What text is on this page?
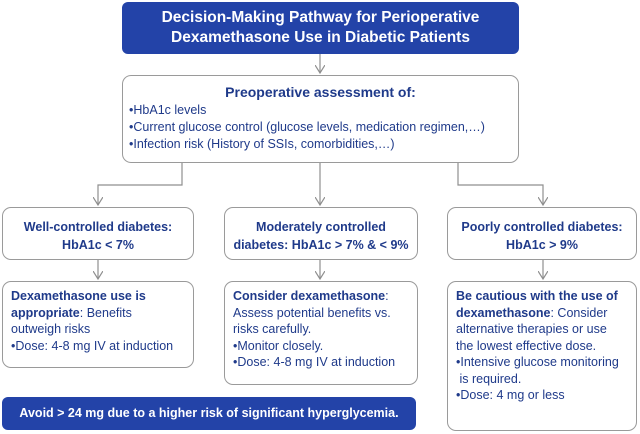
Decision-Making Pathway for Perioperative
Dexamethasone Use in Diabetic Patients
Preoperative assessment of:
•HbA1c levels
•Current glucose control (glucose levels, medication regimen,…)
•Infection risk (History of SSIs, comorbidities,…)
Well-controlled diabetes:
HbA1c < 7%
Moderately controlled
diabetes: HbA1c > 7% & < 9%
Poorly controlled diabetes:
HbA1c > 9%
Dexamethasone use is
appropriate: Benefits
outweigh risks
•Dose: 4-8 mg IV at induction
Consider dexamethasone:
Assess potential benefits vs.
risks carefully.
•Monitor closely.
•Dose: 4-8 mg IV at induction
Be cautious with the use of
dexamethasone: Consider
alternative therapies or use
the lowest effective dose.
•Intensive glucose monitoring
is required.
•Dose: 4 mg or less
Avoid > 24 mg due to a higher risk of significant hyperglycemia.
